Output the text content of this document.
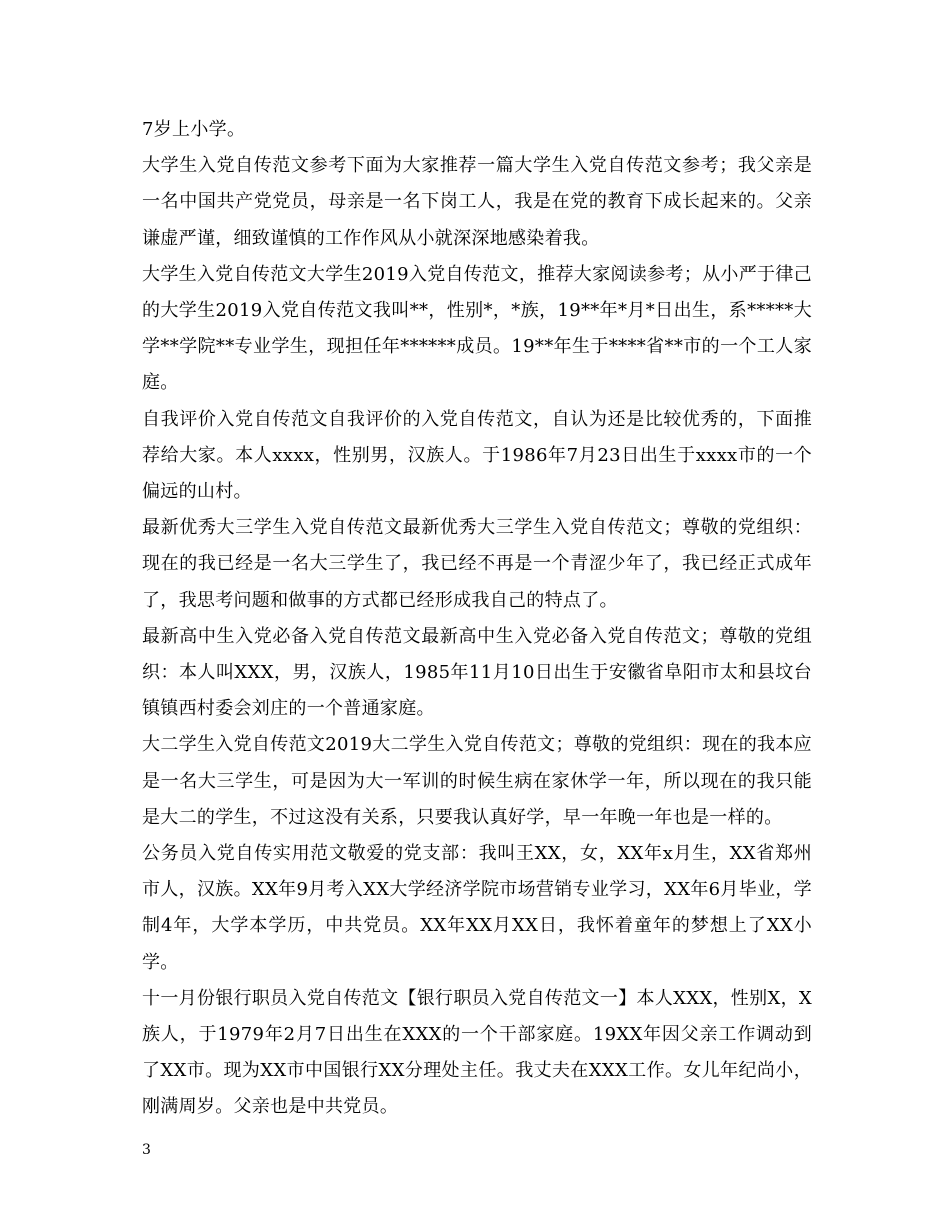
7岁上小学。

大学生入党自传范文参考下面为大家推荐一篇大学生入党自传范文参考；我父亲是一名中国共产党党员，母亲是一名下岗工人，我是在党的教育下成长起来的。父亲谦虚严谨，细致谨慎的工作作风从小就深深地感染着我。

大学生入党自传范文大学生2019入党自传范文，推荐大家阅读参考；从小严于律己的大学生2019入党自传范文我叫**，性别*，*族，19**年*月*日出生，系*****大学**学院**专业学生，现担任年******成员。19**年生于****省**市的一个工人家庭。

自我评价入党自传范文自我评价的入党自传范文，自认为还是比较优秀的，下面推荐给大家。本人xxxx，性别男，汉族人。于1986年7月23日出生于xxxx市的一个偏远的山村。

最新优秀大三学生入党自传范文最新优秀大三学生入党自传范文；尊敬的党组织：现在的我已经是一名大三学生了，我已经不再是一个青涩少年了，我已经正式成年了，我思考问题和做事的方式都已经形成我自己的特点了。

最新高中生入党必备入党自传范文最新高中生入党必备入党自传范文；尊敬的党组织：本人叫XXX，男，汉族人，1985年11月10日出生于安徽省阜阳市太和县坟台镇镇西村委会刘庄的一个普通家庭。

大二学生入党自传范文2019大二学生入党自传范文；尊敬的党组织：现在的我本应是一名大三学生，可是因为大一军训的时候生病在家休学一年，所以现在的我只能是大二的学生，不过这没有关系，只要我认真好学，早一年晚一年也是一样的。

公务员入党自传实用范文敬爱的党支部：我叫王XX，女，XX年x月生，XX省郑州市人，汉族。XX年9月考入XX大学经济学院市场营销专业学习，XX年6月毕业，学制4年，大学本学历，中共党员。XX年XX月XX日，我怀着童年的梦想上了XX小学。

十一月份银行职员入党自传范文【银行职员入党自传范文一】本人XXX，性别X，X族人，于1979年2月7日出生在XXX的一个干部家庭。19XX年因父亲工作调动到了XX市。现为XX市中国银行XX分理处主任。我丈夫在XXX工作。女儿年纪尚小，刚满周岁。父亲也是中共党员。

3
